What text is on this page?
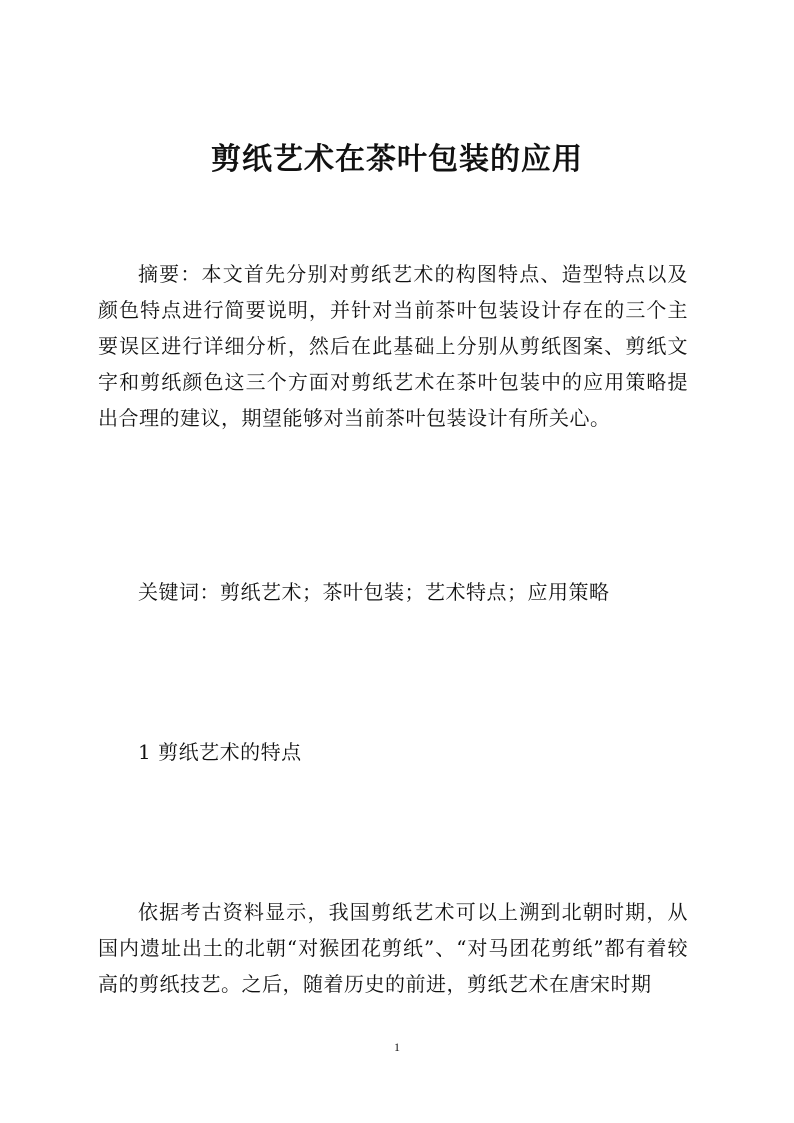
剪纸艺术在茶叶包装的应用

摘要：本文首先分别对剪纸艺术的构图特点、造型特点以及颜色特点进行简要说明，并针对当前茶叶包装设计存在的三个主要误区进行详细分析，然后在此基础上分别从剪纸图案、剪纸文字和剪纸颜色这三个方面对剪纸艺术在茶叶包装中的应用策略提出合理的建议，期望能够对当前茶叶包装设计有所关心。

关键词：剪纸艺术；茶叶包装；艺术特点；应用策略

1 剪纸艺术的特点

依据考古资料显示，我国剪纸艺术可以上溯到北朝时期，从国内遗址出土的北朝“对猴团花剪纸”、“对马团花剪纸”都有着较高的剪纸技艺。之后，随着历史的前进，剪纸艺术在唐宋时期

1
